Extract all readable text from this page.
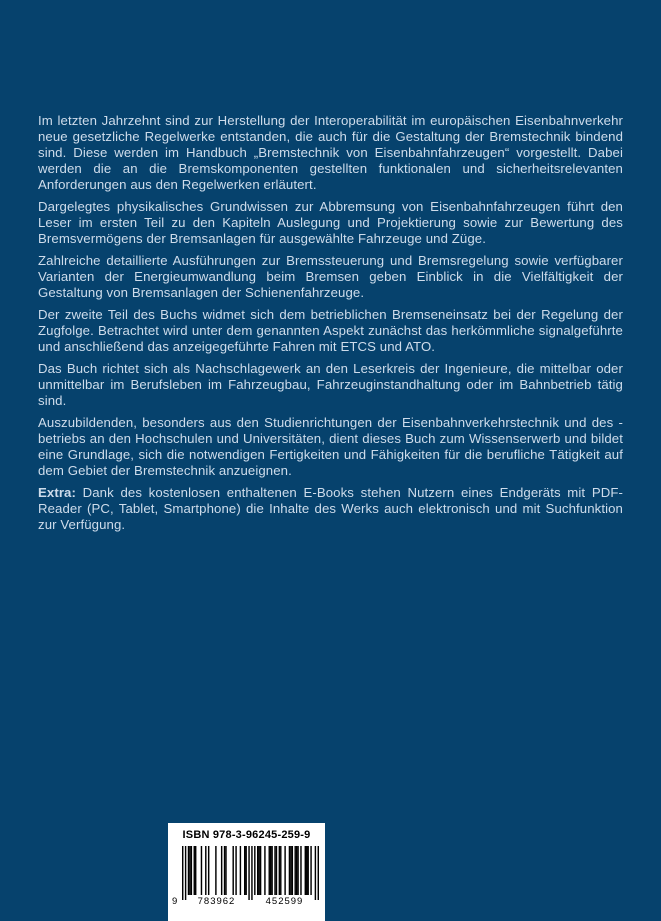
Im letzten Jahrzehnt sind zur Herstellung der Interoperabilität im europäischen Eisenbahnverkehr neue gesetzliche Regelwerke entstanden, die auch für die Gestaltung der Bremstechnik bindend sind. Diese werden im Handbuch „Bremstechnik von Eisenbahnfahrzeugen“ vorgestellt. Dabei werden die an die Bremskomponenten gestellten funktionalen und sicherheitsrelevanten Anforderungen aus den Regelwerken erläutert.

Dargelegtes physikalisches Grundwissen zur Abbremsung von Eisenbahnfahrzeugen führt den Leser im ersten Teil zu den Kapiteln Auslegung und Projektierung sowie zur Bewertung des Bremsvermögens der Bremsanlagen für ausgewählte Fahrzeuge und Züge.

Zahlreiche detaillierte Ausführungen zur Bremssteuerung und Bremsregelung sowie verfügbarer Varianten der Energieumwandlung beim Bremsen geben Einblick in die Vielfältigkeit der Gestaltung von Bremsanlagen der Schienenfahrzeuge.

Der zweite Teil des Buchs widmet sich dem betrieblichen Bremseneinsatz bei der Regelung der Zugfolge. Betrachtet wird unter dem genannten Aspekt zunächst das herkömmliche signalgeführte und anschließend das anzeigegeführte Fahren mit ETCS und ATO.

Das Buch richtet sich als Nachschlagewerk an den Leserkreis der Ingenieure, die mittelbar oder unmittelbar im Berufsleben im Fahrzeugbau, Fahrzeuginstandhaltung oder im Bahnbetrieb tätig sind.

Auszubildenden, besonders aus den Studienrichtungen der Eisenbahnverkehrstechnik und des -betriebs an den Hochschulen und Universitäten, dient dieses Buch zum Wissenserwerb und bildet eine Grundlage, sich die notwendigen Fertigkeiten und Fähigkeiten für die berufliche Tätigkeit auf dem Gebiet der Bremstechnik anzueignen.

Extra: Dank des kostenlosen enthaltenen E-Books stehen Nutzern eines Endgeräts mit PDF-Reader (PC, Tablet, Smartphone) die Inhalte des Werks auch elektronisch und mit Suchfunktion zur Verfügung.

ISBN 978-3-96245-259-9
9	783962	452599
